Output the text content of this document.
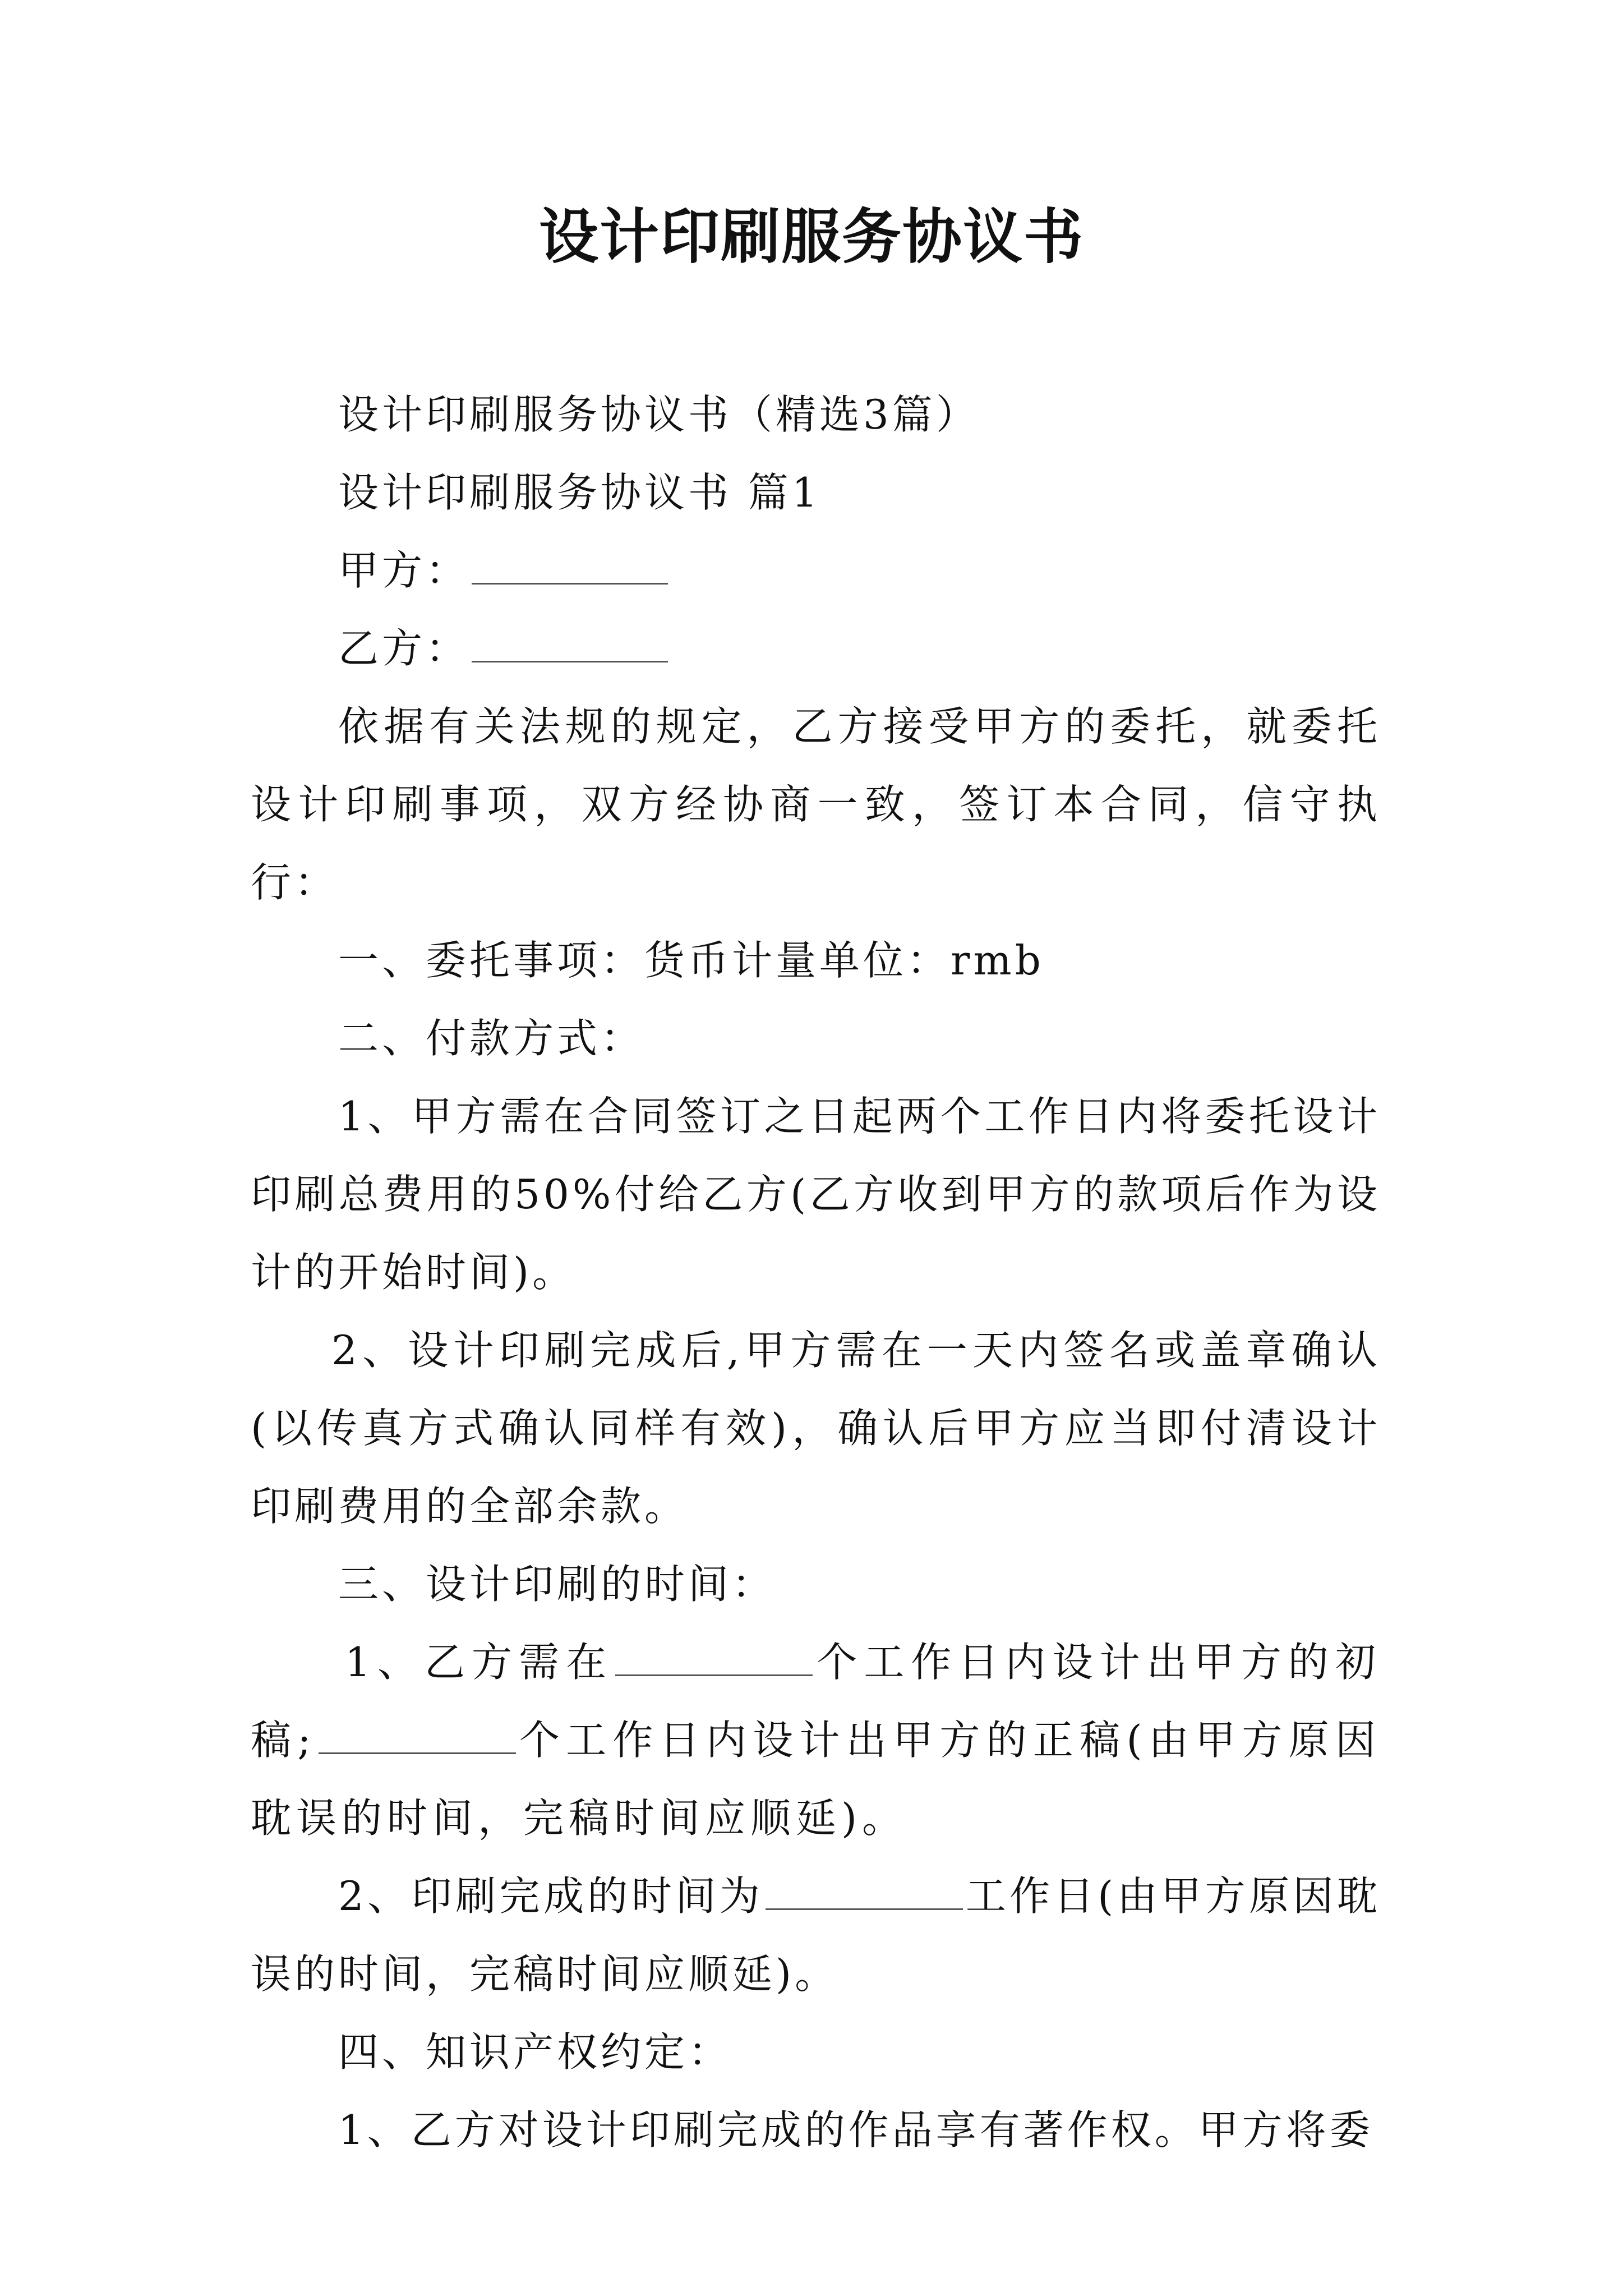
设计印刷服务协议书

设计印刷服务协议书（精选3篇）

设计印刷服务协议书 篇1

甲方：

乙方：

依据有关法规的规定，乙方接受甲方的委托，就委托设计印刷事项，双方经协商一致，签订本合同，信守执行：

一、委托事项：货币计量单位：rmb

二、付款方式：

1、甲方需在合同签订之日起两个工作日内将委托设计印刷总费用的50%付给乙方(乙方收到甲方的款项后作为设计的开始时间)。

2、设计印刷完成后,甲方需在一天内签名或盖章确认(以传真方式确认同样有效)，确认后甲方应当即付清设计印刷费用的全部余款。

三、设计印刷的时间：

1、乙方需在	个工作日内设计出甲方的初稿;	个工作日内设计出甲方的正稿(由甲方原因耽误的时间，完稿时间应顺延)。

2、印刷完成的时间为	工作日(由甲方原因耽误的时间，完稿时间应顺延)。

四、知识产权约定：

1、乙方对设计印刷完成的作品享有著作权。甲方将委
